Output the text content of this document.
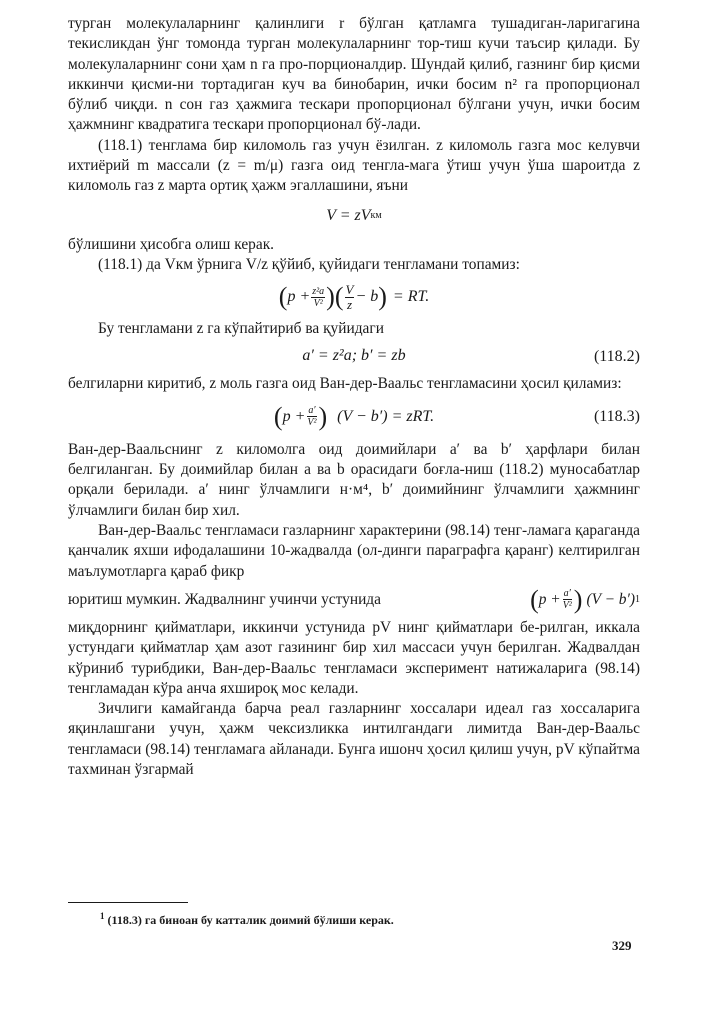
турган молекулаларнинг қалинлиги r бўлган қатламга тушадиган-ларигагина текисликдан ўнг томонда турган молекулаларнинг тор-тиш кучи таъсир қилади. Бу молекулаларнинг сони ҳам n га про-порционалдир. Шундай қилиб, газнинг бир қисми иккинчи қисми-ни тортадиган куч ва бинобарин, ички босим n² га пропорционал бўлиб чиқди. n сон газ ҳажмига тескари пропорционал бўлгани учун, ички босим ҳажмнинг квадратига тескари пропорционал бў-лади.

(118.1) тенглама бир киломоль газ учун ёзилган. z киломоль газга мос келувчи ихтиёрий m массали (z = m/μ) газга оид тенгла-мага ўтиш учун ўша шароитда z киломоль газ z марта ортиқ ҳажм эгаллашини, яъни

V = zV км

бўлишини ҳисобга олиш керак.

(118.1) да Vкм ўрнига V/z қўйиб, қуйидаги тенгламани топамиз:

( $p + \frac{\text{z²a}}{\text{V²}}$ ) ( $\frac{V}{z} - b$ ) = RT.

Бу тенгламани z га кўпайтириб ва қуйидаги

a′ = z²a; b′ = zb	(118.2)

белгиларни киритиб, z моль газга оид Ван-дер-Ваальс тенгламасини ҳосил қиламиз:

( $p + \frac{a'}{\text{V²}}$ ) (V − b′) = zRT.	(118.3)

Ван-дер-Ваальснинг z киломолга оид доимийлари a′ ва b′ ҳарфлари билан белгиланган. Бу доимийлар билан a ва b орасидаги боғла-ниш (118.2) муносабатлар орқали берилади. a′ нинг ўлчамлиги н·м⁴, b′ доимийнинг ўлчамлиги ҳажмнинг ўлчамлиги билан бир хил.

Ван-дер-Ваальс тенгламаси газларнинг характерини (98.14) тенг-ламага қараганда қанчалик яхши ифодалашини 10-жадвалда (ол-динги параграфга қаранг) келтирилган маълумотларга қараб фикр

юритиш мумкин. Жадвалнинг учинчи устунида	( $p + \frac{a'}{\text{V²}}$ ) (V − b′) 1

миқдорнинг қийматлари, иккинчи устунида pV нинг қийматлари бе-рилган, иккала устундаги қийматлар ҳам азот газининг бир хил массаси учун берилган. Жадвалдан кўриниб турибдики, Ван-дер-Ваальс тенгламаси эксперимент натижаларига (98.14) тенгламадан кўра анча яхшироқ мос келади.

Зичлиги камайганда барча реал газларнинг хоссалари идеал газ хоссаларига яқинлашгани учун, ҳажм чексизликка интилгандаги лимитда Ван-дер-Ваальс тенгламаси (98.14) тенгламага айланади. Бунга ишонч ҳосил қилиш учун, pV кўпайтма тахминан ўзгармай

$^1$ (118.3) га биноан бу катталик доимий бўлиши керак.
329
